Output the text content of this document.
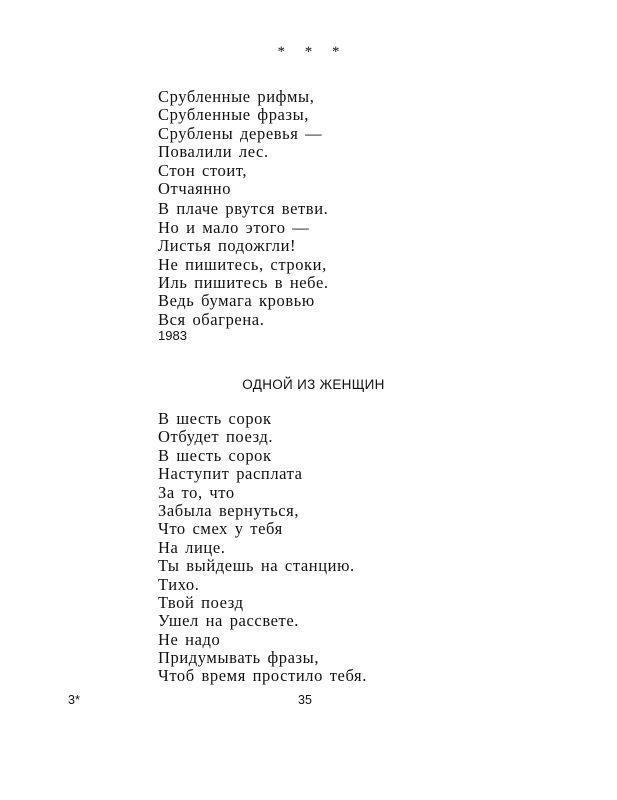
* * *
Срубленные рифмы,
Срубленные фразы,
Срублены деревья —
Повалили лес.
Стон стоит,
Отчаянно
В плаче рвутся ветви.
Но и мало этого —
Листья подожгли!
Не пишитесь, строки,
Иль пишитесь в небе.
Ведь бумага кровью
Вся обагрена.
1983
ОДНОЙ ИЗ ЖЕНЩИН
В шесть сорок
Отбудет поезд.
В шесть сорок
Наступит расплата
За то, что
Забыла вернуться,
Что смех у тебя
На лице.
Ты выйдешь на станцию.
Тихо.
Твой поезд
Ушел на рассвете.
Не надо
Придумывать фразы,
Чтоб время простило тебя.
3*	35
